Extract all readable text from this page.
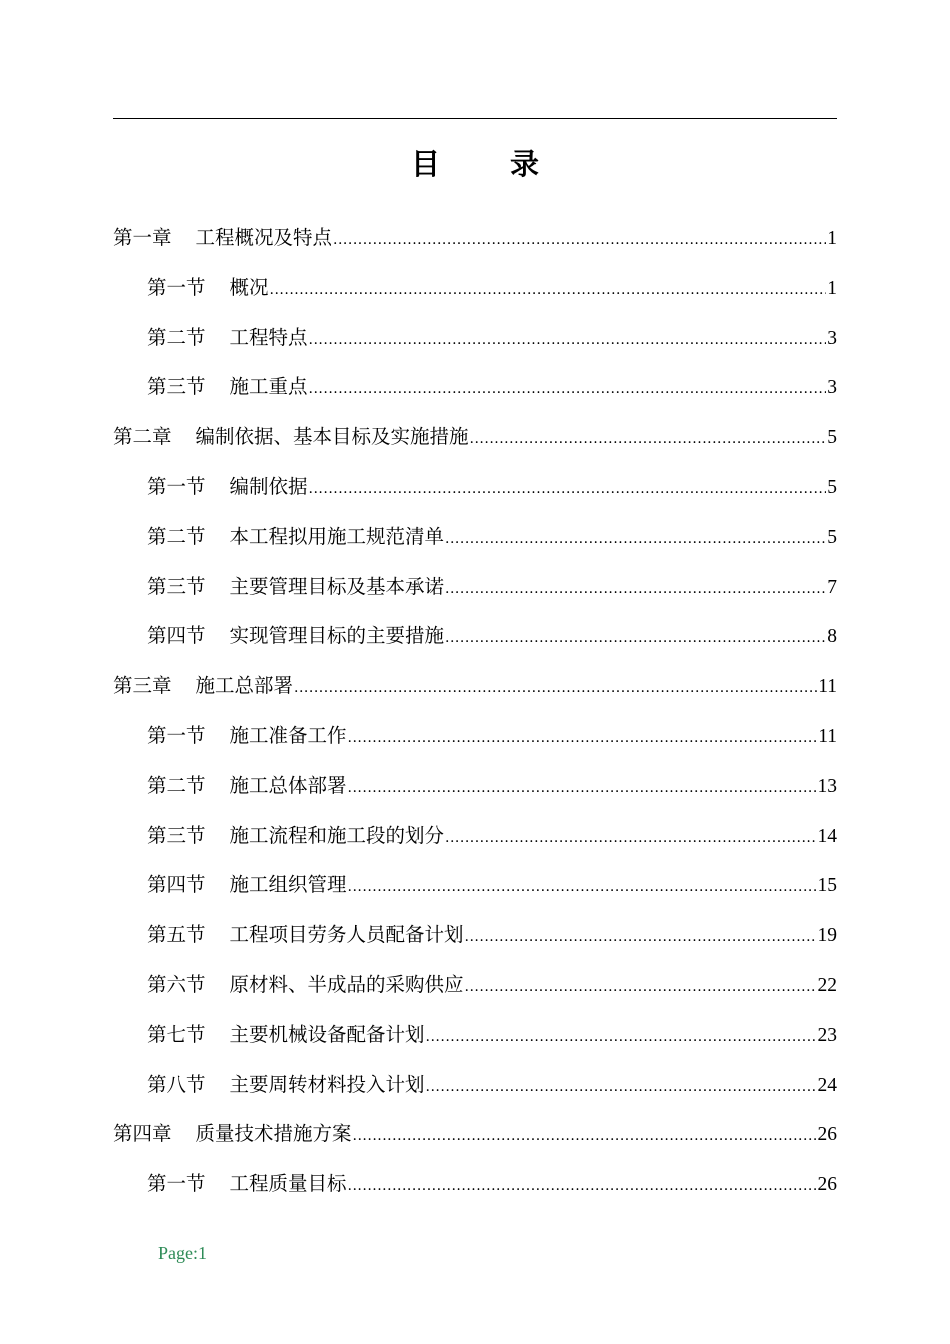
目 录
第一章 工程概况及特点 .....	1
第一节 概况 .....	1
第二节 工程特点 .....	3
第三节 施工重点 .....	3
第二章 编制依据、基本目标及实施措施 .....	5
第一节 编制依据 .....	5
第二节 本工程拟用施工规范清单 .....	5
第三节 主要管理目标及基本承诺 .....	7
第四节 实现管理目标的主要措施 .....	8
第三章 施工总部署 .....	11
第一节 施工准备工作 .....	11
第二节 施工总体部署 .....	13
第三节 施工流程和施工段的划分 .....	14
第四节 施工组织管理 .....	15
第五节 工程项目劳务人员配备计划 .....	19
第六节 原材料、半成品的采购供应 .....	22
第七节 主要机械设备配备计划 .....	23
第八节 主要周转材料投入计划 .....	24
第四章 质量技术措施方案 .....	26
第一节 工程质量目标 .....	26
Page:1
